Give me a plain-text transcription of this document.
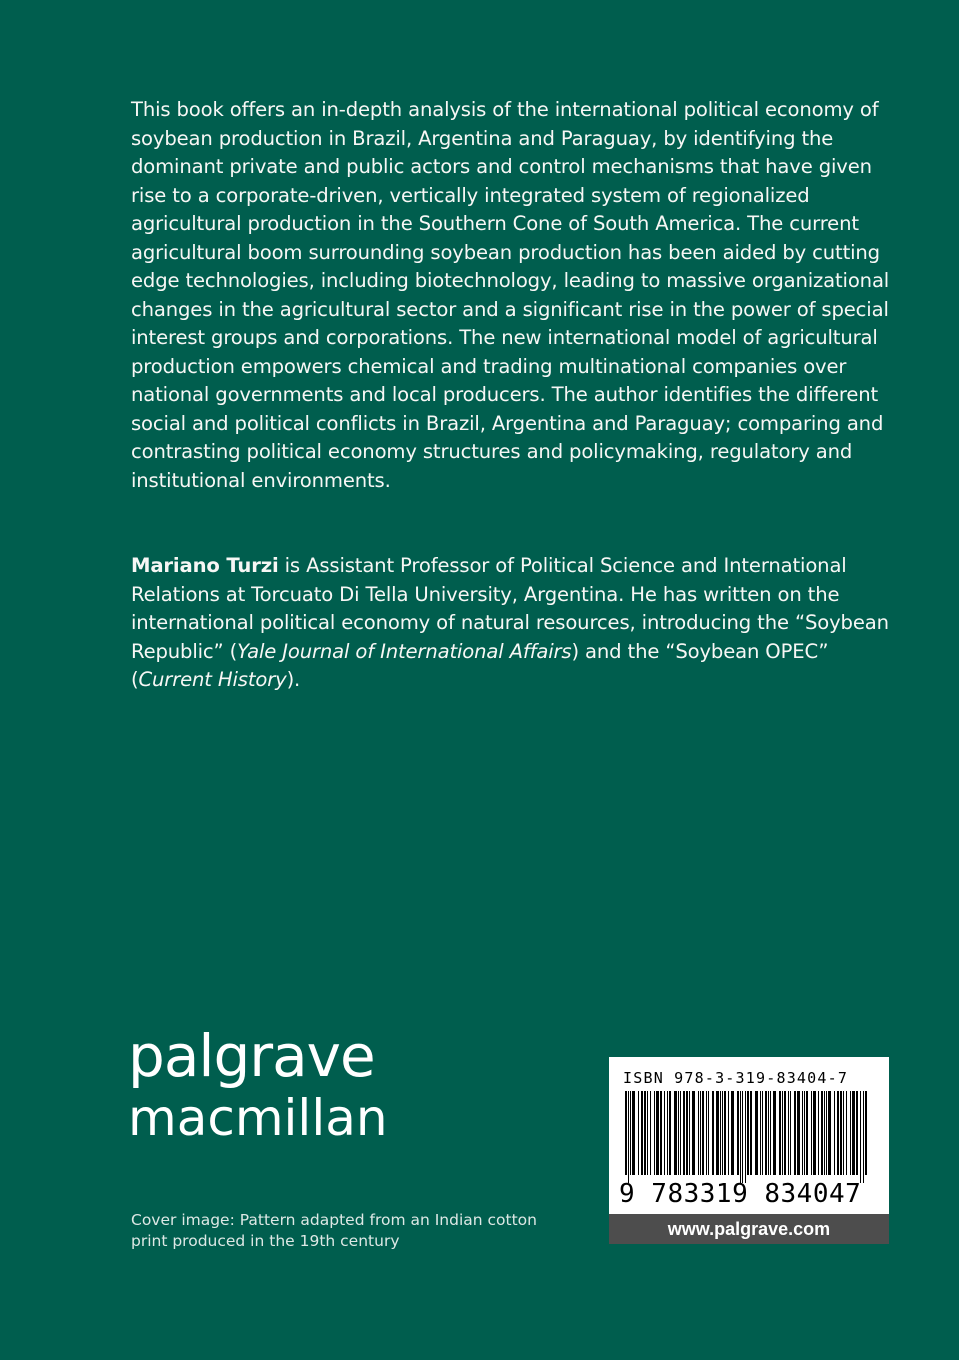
This book offers an in-depth analysis of the international political economy of soybean production in Brazil, Argentina and Paraguay, by identifying the dominant private and public actors and control mechanisms that have given rise to a corporate-driven, vertically integrated system of regionalized agricultural production in the Southern Cone of South America. The current agricultural boom surrounding soybean production has been aided by cutting edge technologies, including biotechnology, leading to massive organizational changes in the agricultural sector and a significant rise in the power of special interest groups and corporations. The new international model of agricultural production empowers chemical and trading multinational companies over national governments and local producers. The author identifies the different social and political conflicts in Brazil, Argentina and Paraguay; comparing and contrasting political economy structures and policymaking, regulatory and institutional environments.

Mariano Turzi is Assistant Professor of Political Science and International Relations at Torcuato Di Tella University, Argentina. He has written on the international political economy of natural resources, introducing the “Soybean Republic” (Yale Journal of International Affairs) and the “Soybean OPEC” (Current History).

palgrave
macmillan

Cover image: Pattern adapted from an Indian cotton print produced in the 19th century

ISBN 978-3-319-83404-7
9 783319 834047
www.palgrave.com
